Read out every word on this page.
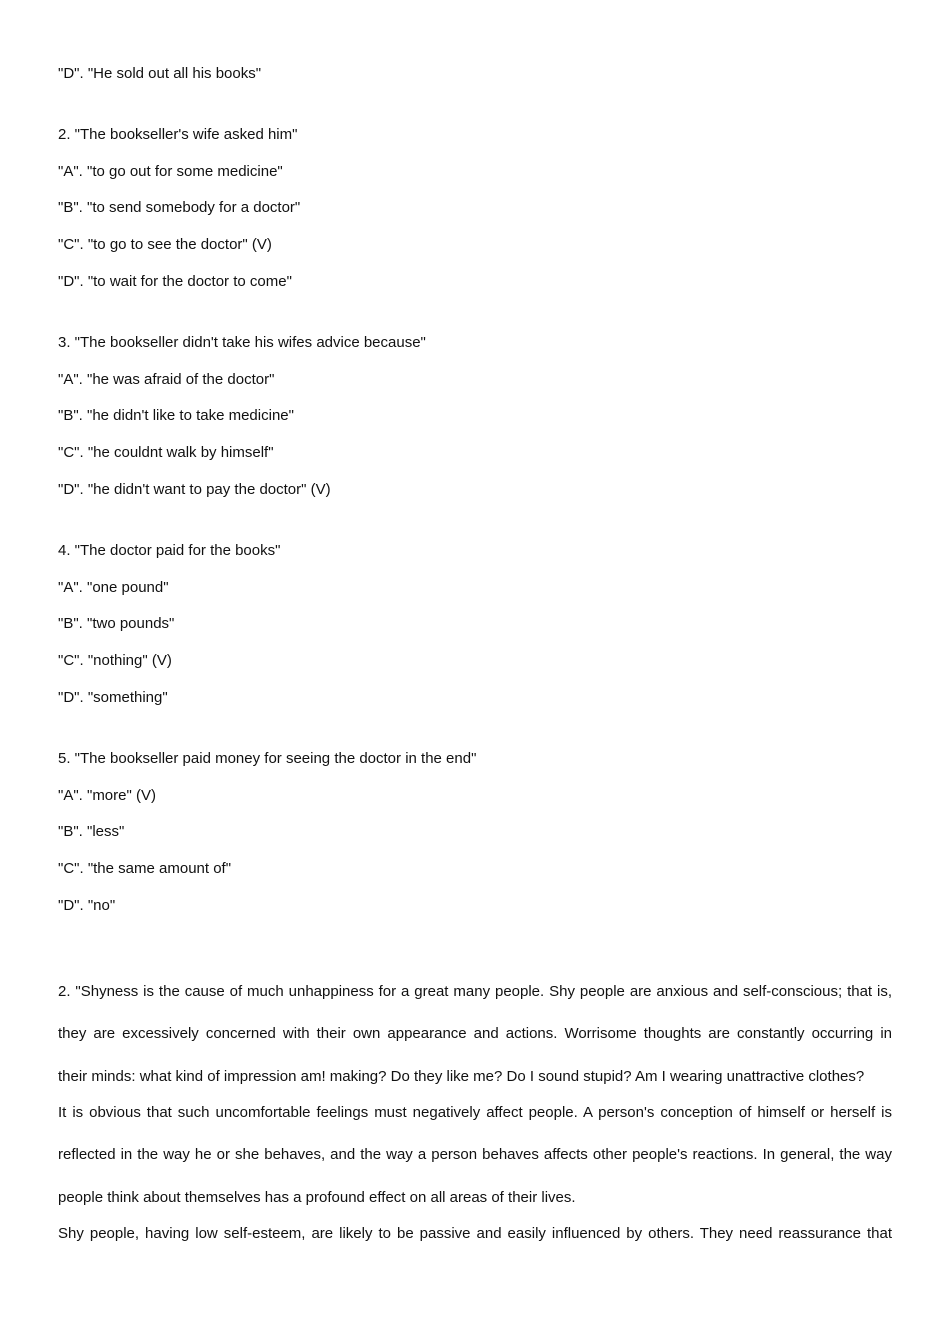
"D". "He sold out all his books"
2. "The bookseller's wife asked him"
"A". "to go out for some medicine"
"B". "to send somebody for a doctor"
"C". "to go to see the doctor" (V)
"D". "to wait for the doctor to come"
3. "The bookseller didn't take his wifes advice because"
"A". "he was afraid of the doctor"
"B". "he didn't like to take medicine"
"C". "he couldnt walk by himself"
"D". "he didn't want to pay the doctor" (V)
4. "The doctor paid for the books"
"A". "one pound"
"B". "two pounds"
"C". "nothing" (V)
"D". "something"
5. "The bookseller paid money for seeing the doctor in the end"
"A". "more" (V)
"B". "less"
"C". "the same amount of"
"D". "no"
2. "Shyness is the cause of much unhappiness for a great many people. Shy people are anxious and self-conscious; that is,
they are excessively concerned with their own appearance and actions. Worrisome thoughts are constantly occurring in
their minds: what kind of impression am! making? Do they like me? Do I sound stupid? Am I wearing unattractive clothes?
It is obvious that such uncomfortable feelings must negatively affect people. A person's conception of himself or herself is
reflected in the way he or she behaves, and the way a person behaves affects other people's reactions. In general, the way
people think about themselves has a profound effect on all areas of their lives.
Shy people, having low self-esteem, are likely to be passive and easily influenced by others. They need reassurance that
